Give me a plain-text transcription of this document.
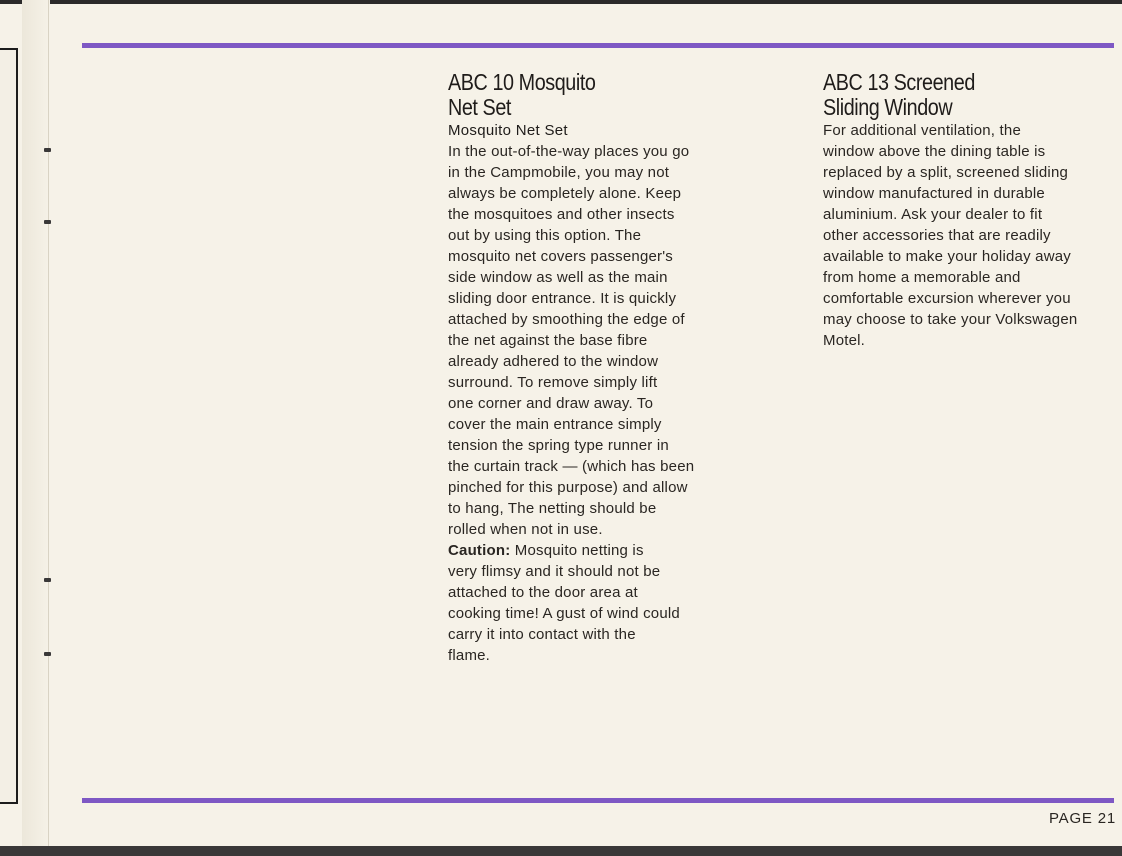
ABC 10 Mosquito
Net Set
Mosquito Net Set
In the out-of-the-way places you go
in the Campmobile, you may not
always be completely alone. Keep
the mosquitoes and other insects
out by using this option. The
mosquito net covers passenger's
side window as well as the main
sliding door entrance. It is quickly
attached by smoothing the edge of
the net against the base fibre
already adhered to the window
surround. To remove simply lift
one corner and draw away. To
cover the main entrance simply
tension the spring type runner in
the curtain track — (which has been
pinched for this purpose) and allow
to hang, The netting should be
rolled when not in use.
Caution: Mosquito netting is
very flimsy and it should not be
attached to the door area at
cooking time! A gust of wind could
carry it into contact with the
flame.
ABC 13 Screened
Sliding Window
For additional ventilation, the
window above the dining table is
replaced by a split, screened sliding
window manufactured in durable
aluminium. Ask your dealer to fit
other accessories that are readily
available to make your holiday away
from home a memorable and
comfortable excursion wherever you
may choose to take your Volkswagen
Motel.
PAGE 21
